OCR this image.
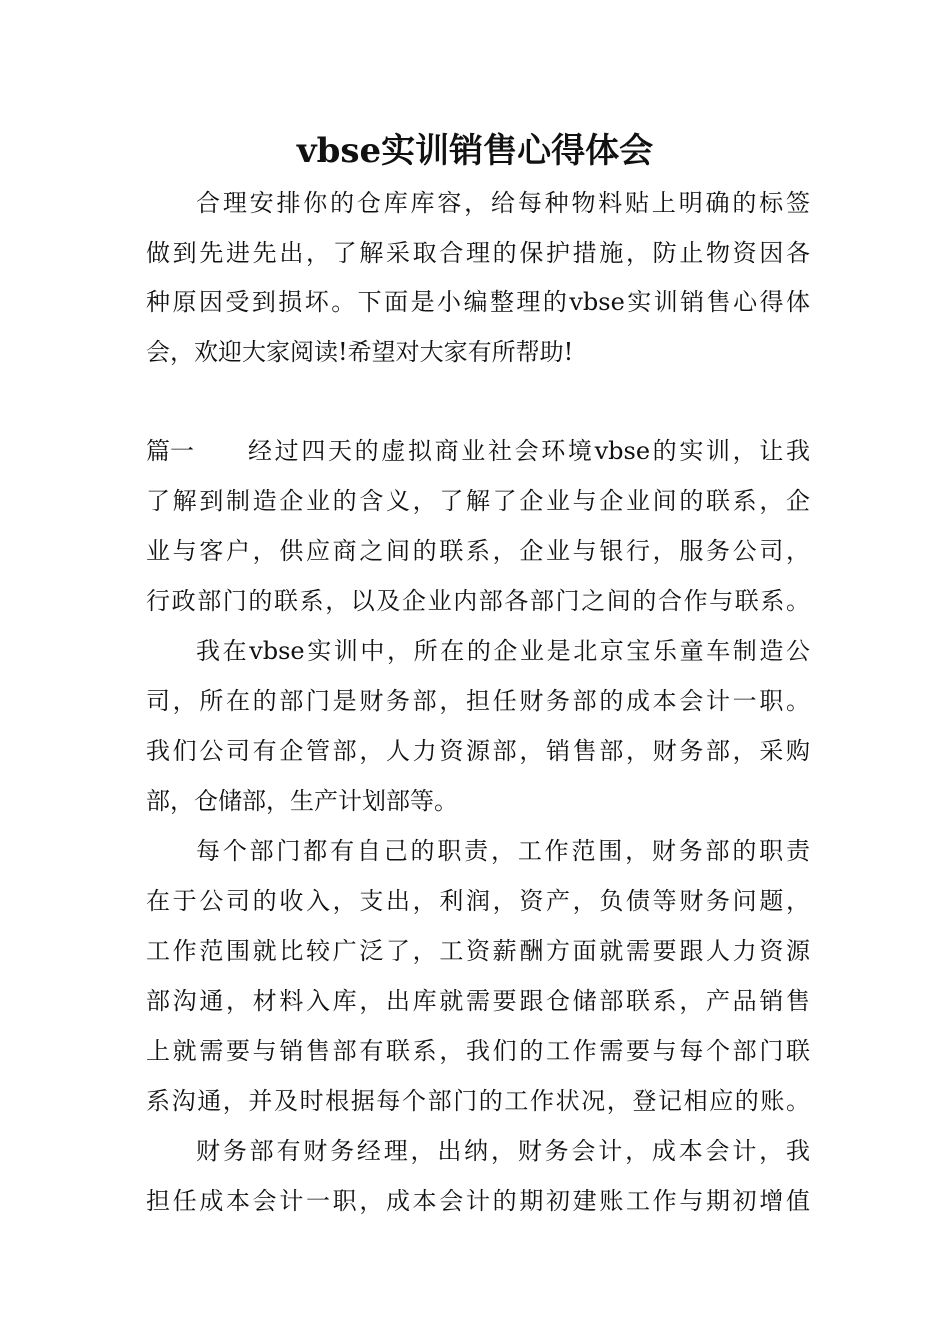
vbse实训销售心得体会
合理安排你的仓库库容，给每种物料贴上明确的标签
做到先进先出，了解采取合理的保护措施，防止物资因各
种原因受到损坏。下面是小编整理的vbse实训销售心得体
会，欢迎大家阅读!希望对大家有所帮助!
篇一 经过四天的虚拟商业社会环境vbse的实训，让我
了解到制造企业的含义，了解了企业与企业间的联系，企
业与客户，供应商之间的联系，企业与银行，服务公司，
行政部门的联系，以及企业内部各部门之间的合作与联系。
我在vbse实训中，所在的企业是北京宝乐童车制造公
司，所在的部门是财务部，担任财务部的成本会计一职。
我们公司有企管部，人力资源部，销售部，财务部，采购
部，仓储部，生产计划部等。
每个部门都有自己的职责，工作范围，财务部的职责
在于公司的收入，支出，利润，资产，负债等财务问题，
工作范围就比较广泛了，工资薪酬方面就需要跟人力资源
部沟通，材料入库，出库就需要跟仓储部联系，产品销售
上就需要与销售部有联系，我们的工作需要与每个部门联
系沟通，并及时根据每个部门的工作状况，登记相应的账。
财务部有财务经理，出纳，财务会计，成本会计，我
担任成本会计一职，成本会计的期初建账工作与期初增值
